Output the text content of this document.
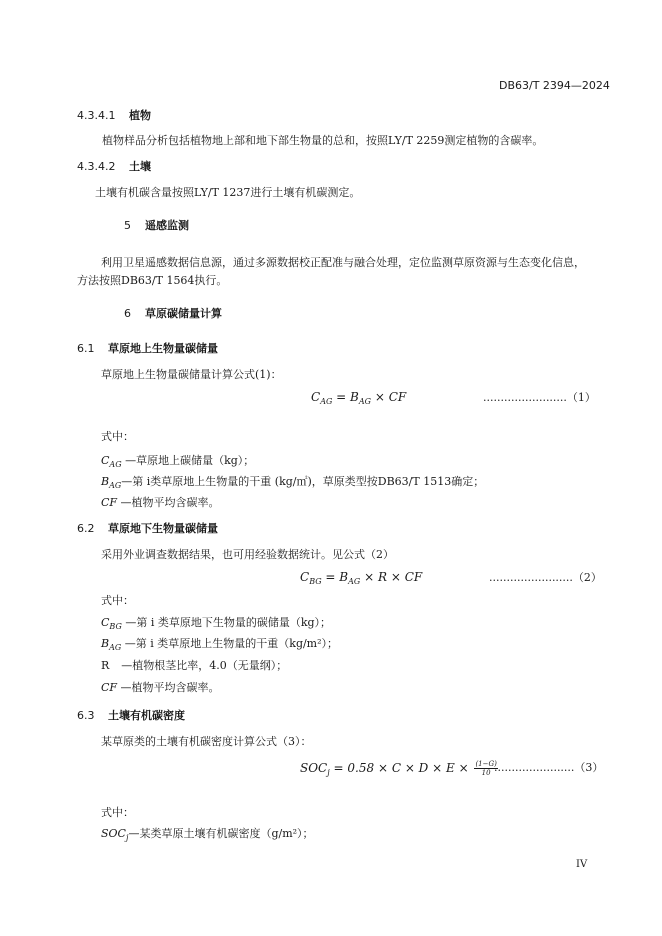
DB63/T 2394—2024
4.3.4.1 植物
植物样品分析包括植物地上部和地下部生物量的总和，按照LY/T 2259测定植物的含碳率。
4.3.4.2 土壤
土壤有机碳含量按照LY/T 1237进行土壤有机碳测定。
5 遥感监测
利用卫星遥感数据信息源，通过多源数据校正配准与融合处理，定位监测草原资源与生态变化信息，
方法按照DB63/T 1564执行。
6 草原碳储量计算
6.1 草原地上生物量碳储量
草原地上生物量碳储量计算公式(1)：
$C_{AG} = B_{AG}$ × CF	........................（1）
式中：
$C_{AG}$ —草原地上碳储量（kg）；
$B_{AG}—$第 i类草原地上生物量的干重 (kg/㎡)，草原类型按DB63/T 1513确定；
CF —植物平均含碳率。
6.2 草原地下生物量碳储量
采用外业调查数据结果，也可用经验数据统计。见公式（2）
$C_{BG} = B_{AG} \times R$ × CF	........................（2）
式中：
$C_{BG}$ —第 i 类草原地下生物量的碳储量（kg）；
$B_{AG}$ —第 i 类草原地上生物量的干重（kg/m²）；
R —植物根茎比率，4.0（无量纲）；
CF —植物平均含碳率。
6.3 土壤有机碳密度
某草原类的土壤有机碳密度计算公式（3）：
$SOC_j = 0.58 \times C \times D \times E \times \frac{(1-G)}{10}$
.......................（3）
式中：
$SOC_j—$某类草原土壤有机碳密度（g/m²）；
IV
